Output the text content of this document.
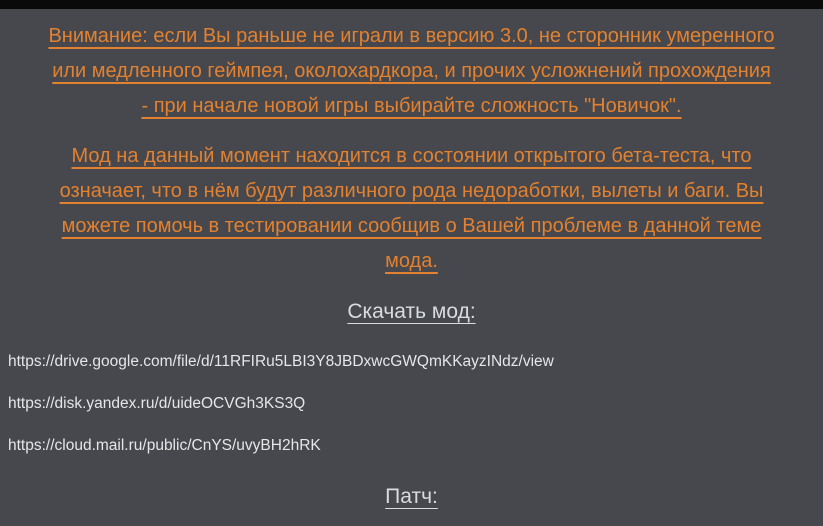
Внимание: если Вы раньше не играли в версию 3.0, не сторонник умеренного
или медленного геймпея, околохардкора, и прочих усложнений прохождения
- при начале новой игры выбирайте сложность "Новичок".

Мод на данный момент находится в состоянии открытого бета-теста, что
означает, что в нём будут различного рода недоработки, вылеты и баги. Вы
можете помочь в тестировании сообщив о Вашей проблеме в данной теме
мода.

Скачать мод:
https://drive.google.com/file/d/11RFIRu5LBI3Y8JBDxwcGWQmKKayzINdz/view
https://disk.yandex.ru/d/uideOCVGh3KS3Q
https://cloud.mail.ru/public/CnYS/uvyBH2hRK
Патч:
